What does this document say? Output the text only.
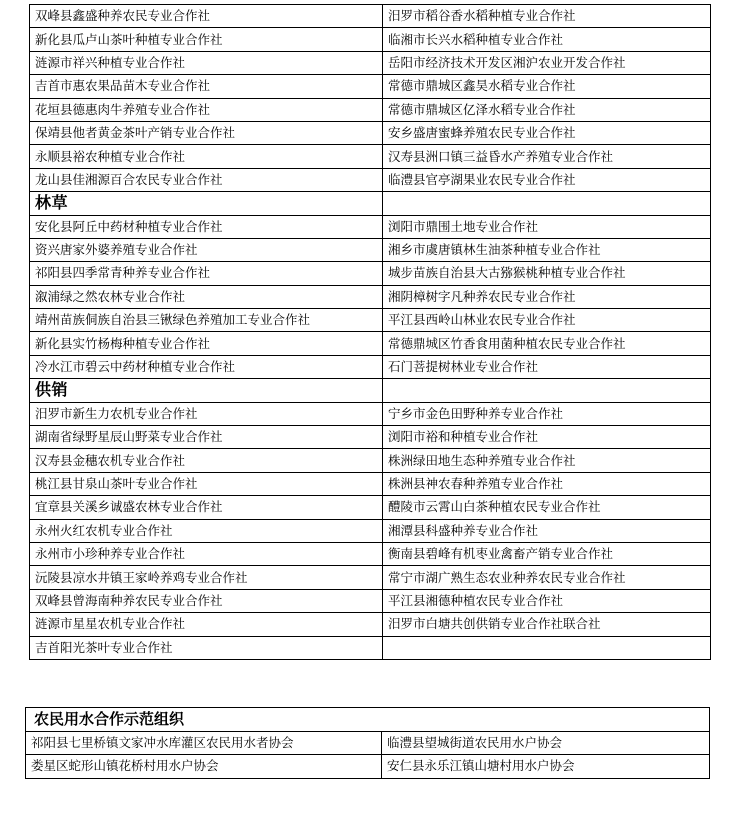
双峰县鑫盛种养农民专业合作社	汨罗市稻谷香水稻种植专业合作社
新化县瓜卢山茶叶种植专业合作社	临湘市长兴水稻种植专业合作社
涟源市祥兴种植专业合作社	岳阳市经济技术开发区湘沪农业开发合作社
吉首市惠农果品苗木专业合作社	常德市鼎城区鑫昊水稻专业合作社
花垣县德惠肉牛养殖专业合作社	常德市鼎城区亿泽水稻专业合作社
保靖县他者黄金茶叶产销专业合作社	安乡盛唐蜜蜂养殖农民专业合作社
永顺县裕农种植专业合作社	汉寿县洲口镇三益昏水产养殖专业合作社
龙山县佳湘源百合农民专业合作社	临澧县官亭湖果业农民专业合作社
林草	
安化县阿丘中药材种植专业合作社	浏阳市鼎围土地专业合作社
资兴唐家外婆养殖专业合作社	湘乡市虞唐镇林生油茶种植专业合作社
祁阳县四季常青种养专业合作社	城步苗族自治县大古猕猴桃种植专业合作社
溆浦绿之然农林专业合作社	湘阴樟树字凡种养农民专业合作社
靖州苗族侗族自治县三锹绿色养殖加工专业合作社	平江县西岭山林业农民专业合作社
新化县实竹杨梅种植专业合作社	常德鼎城区竹香食用菌种植农民专业合作社
冷水江市碧云中药材种植专业合作社	石门菩提树林业专业合作社
供销	
汨罗市新生力农机专业合作社	宁乡市金色田野种养专业合作社
湖南省绿野星辰山野菜专业合作社	浏阳市裕和种植专业合作社
汉寿县金穗农机专业合作社	株洲绿田地生态种养殖专业合作社
桃江县甘泉山茶叶专业合作社	株洲县神农春种养殖专业合作社
宜章县关溪乡诚盛农林专业合作社	醴陵市云霄山白茶种植农民专业合作社
永州火红农机专业合作社	湘潭县科盛种养专业合作社
永州市小珍种养专业合作社	衡南县碧峰有机枣业禽畜产销专业合作社
沅陵县凉水井镇王家岭养鸡专业合作社	常宁市湖广熟生态农业种养农民专业合作社
双峰县曾海南种养农民专业合作社	平江县湘德种植农民专业合作社
涟源市星星农机专业合作社	汨罗市白塘共创供销专业合作社联合社
吉首阳光茶叶专业合作社	
农民用水合作示范组织	
祁阳县七里桥镇文家冲水库灌区农民用水者协会	临澧县望城街道农民用水户协会
娄星区蛇形山镇花桥村用水户协会	安仁县永乐江镇山塘村用水户协会
